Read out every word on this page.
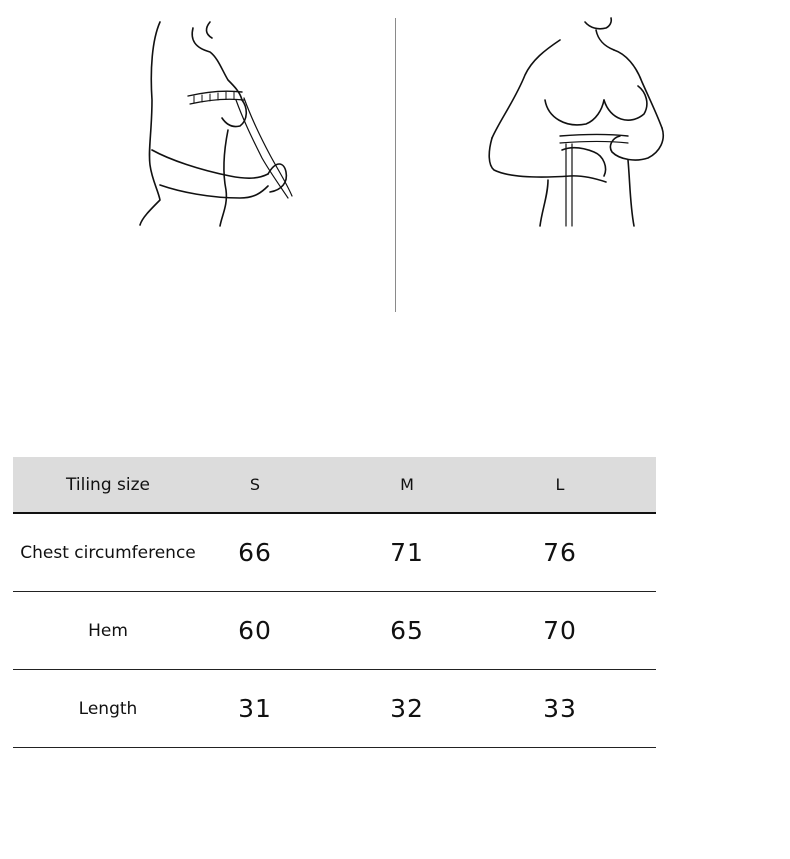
Tiling size	S	M	L
Chest circumference 66	71	76
Hem	60	65	70
Length	31	32	33
